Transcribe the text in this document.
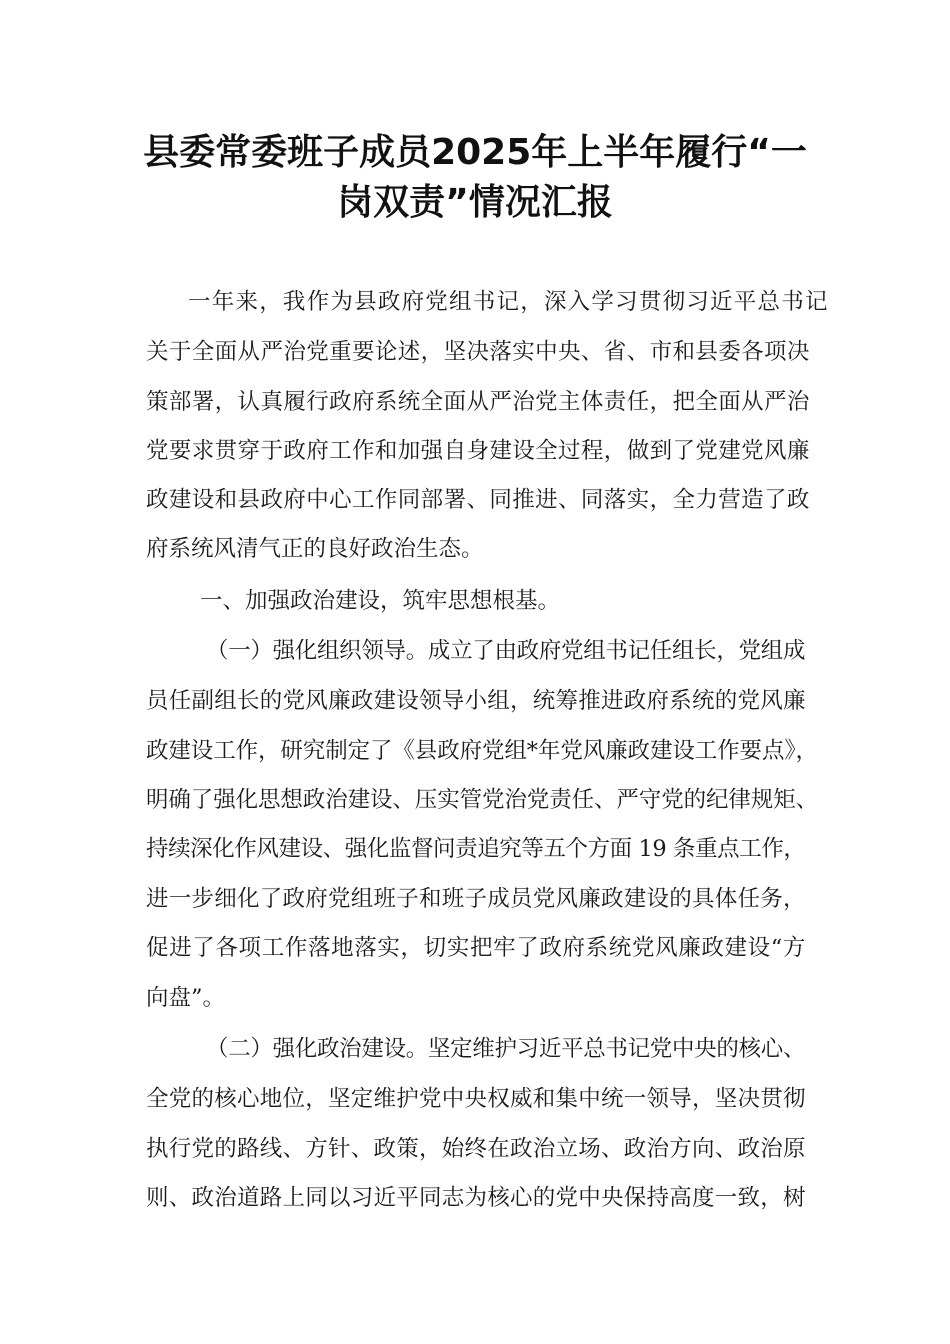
县委常委班子成员2025年上半年履行“一
岗双责”情况汇报
一年来，我作为县政府党组书记，深入学习贯彻习近平总书记
关于全面从严治党重要论述，坚决落实中央、省、市和县委各项决
策部署，认真履行政府系统全面从严治党主体责任，把全面从严治
党要求贯穿于政府工作和加强自身建设全过程，做到了党建党风廉
政建设和县政府中心工作同部署、同推进、同落实，全力营造了政
府系统风清气正的良好政治生态。
一、加强政治建设，筑牢思想根基。
（一）强化组织领导。成立了由政府党组书记任组长，党组成
员任副组长的党风廉政建设领导小组，统筹推进政府系统的党风廉
政建设工作，研究制定了《县政府党组*年党风廉政建设工作要点》，
明确了强化思想政治建设、压实管党治党责任、严守党的纪律规矩、
持续深化作风建设、强化监督问责追究等五个方面 19 条重点工作，
进一步细化了政府党组班子和班子成员党风廉政建设的具体任务，
促进了各项工作落地落实，切实把牢了政府系统党风廉政建设“方
向盘”。
（二）强化政治建设。坚定维护习近平总书记党中央的核心、
全党的核心地位，坚定维护党中央权威和集中统一领导，坚决贯彻
执行党的路线、方针、政策，始终在政治立场、政治方向、政治原
则、政治道路上同以习近平同志为核心的党中央保持高度一致，树
